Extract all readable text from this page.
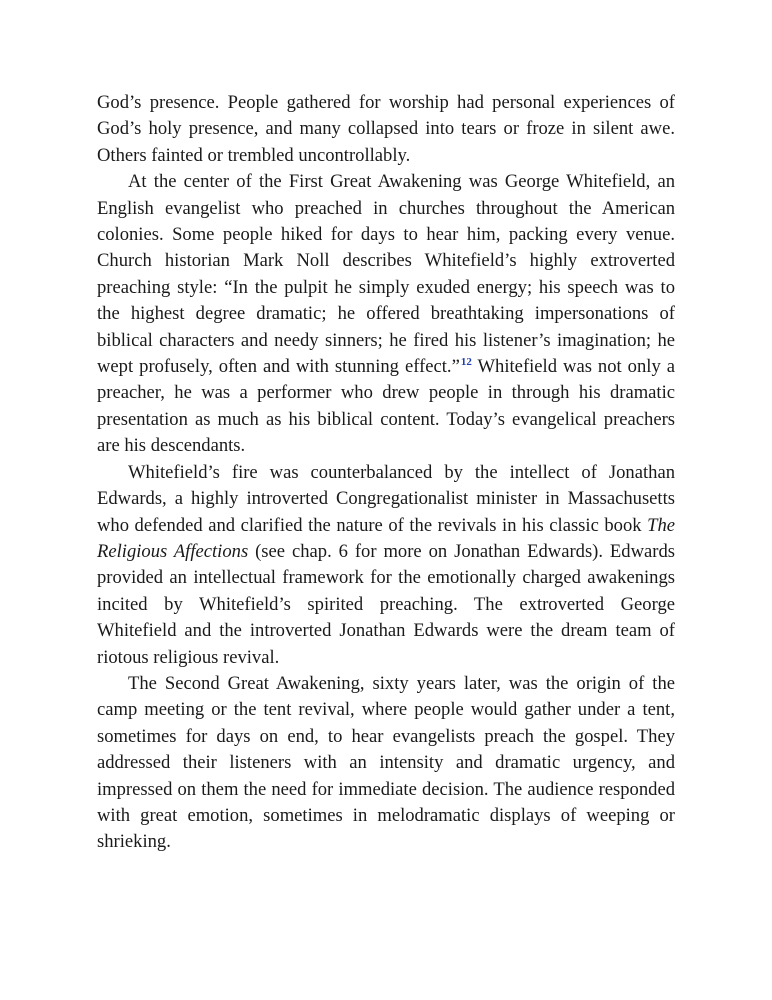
God’s presence. People gathered for worship had personal experiences of God’s holy presence, and many collapsed into tears or froze in silent awe. Others fainted or trembled uncontrollably.

At the center of the First Great Awakening was George Whitefield, an English evangelist who preached in churches throughout the American colonies. Some people hiked for days to hear him, packing every venue. Church historian Mark Noll describes Whitefield’s highly extroverted preaching style: “In the pulpit he simply exuded energy; his speech was to the highest degree dramatic; he offered breathtaking impersonations of biblical characters and needy sinners; he fired his listener’s imagination; he wept profusely, often and with stunning effect.”$^{12}$ Whitefield was not only a preacher, he was a performer who drew people in through his dramatic presentation as much as his biblical content. Today’s evangelical preachers are his descendants.

Whitefield’s fire was counterbalanced by the intellect of Jonathan Edwards, a highly introverted Congregationalist minister in Massachusetts who defended and clarified the nature of the revivals in his classic book The Religious Affections (see chap. 6 for more on Jonathan Edwards). Edwards provided an intellectual framework for the emotionally charged awakenings incited by Whitefield’s spirited preaching. The extroverted George Whitefield and the introverted Jonathan Edwards were the dream team of riotous religious revival.

The Second Great Awakening, sixty years later, was the origin of the camp meeting or the tent revival, where people would gather under a tent, sometimes for days on end, to hear evangelists preach the gospel. They addressed their listeners with an intensity and dramatic urgency, and impressed on them the need for immediate decision. The audience responded with great emotion, sometimes in melodramatic displays of weeping or shrieking.
